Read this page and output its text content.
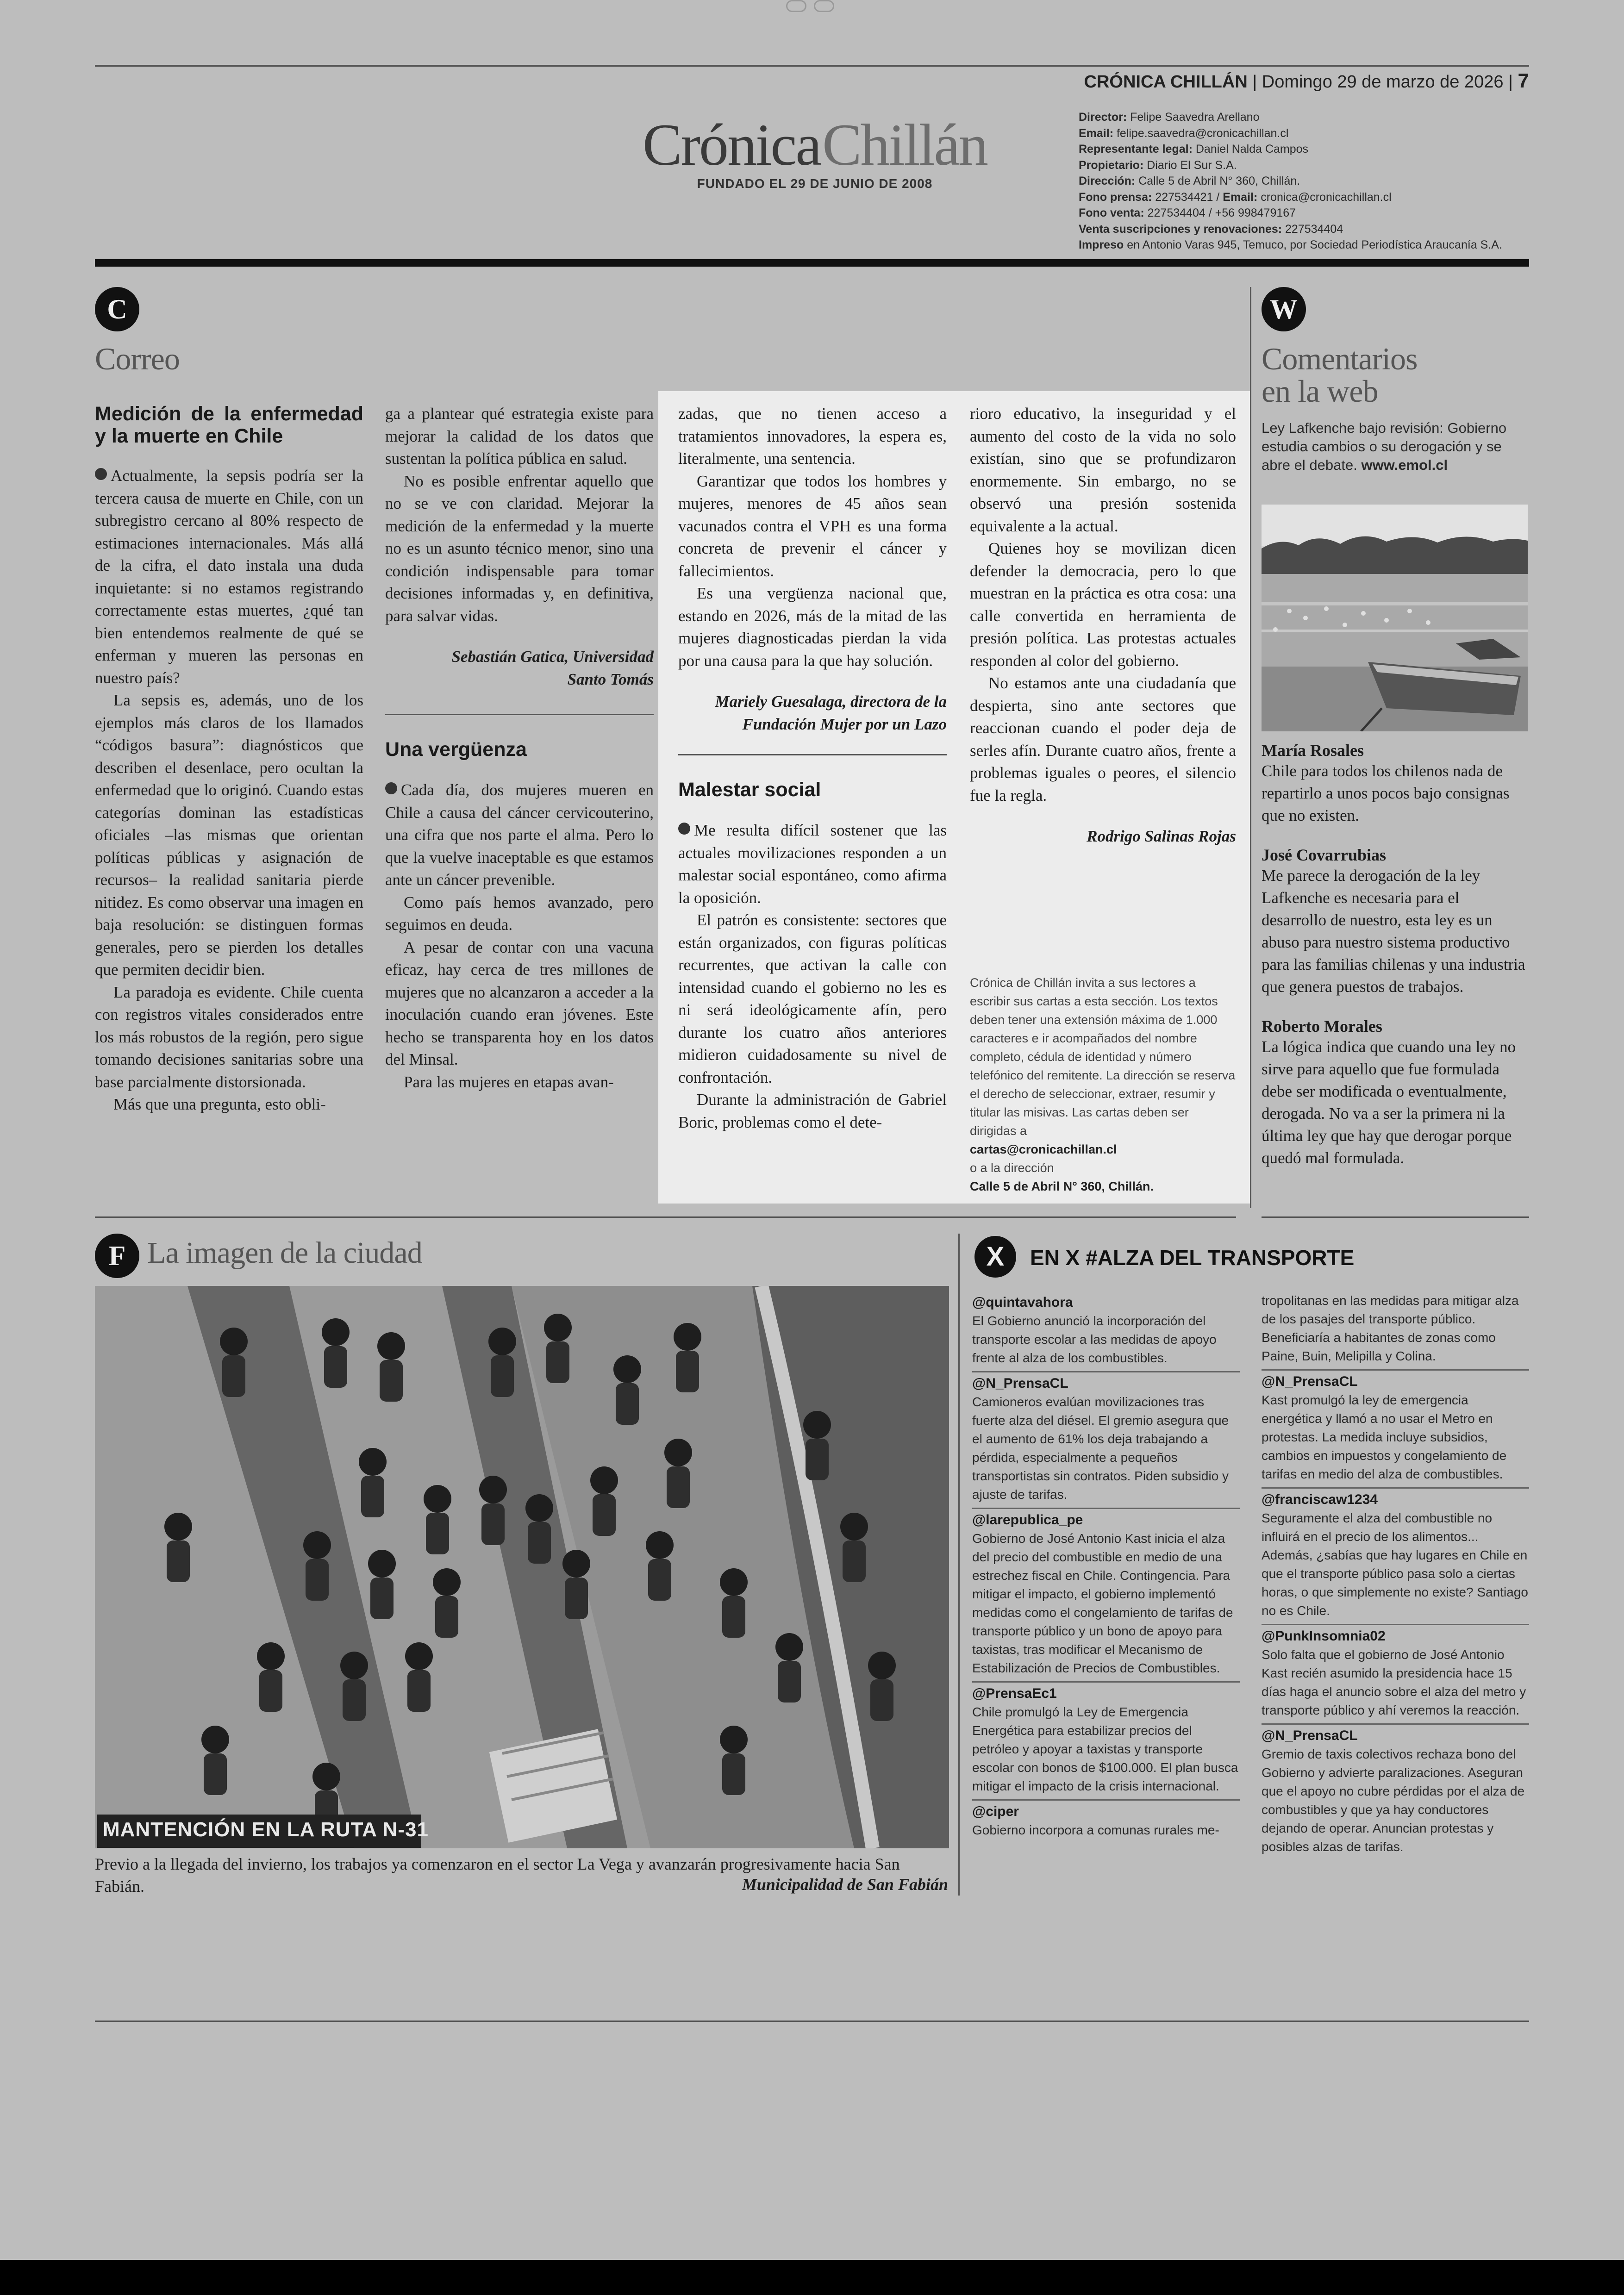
CRÓNICA CHILLÁN | Domingo 29 de marzo de 2026 | 7
Crónica Chillán
FUNDADO EL 29 DE JUNIO DE 2008
Director: Felipe Saavedra Arellano
Email: felipe.saavedra@cronicachillan.cl
Representante legal: Daniel Nalda Campos
Propietario: Diario El Sur S.A.
Dirección: Calle 5 de Abril N° 360, Chillán.
Fono prensa: 227534421 / Email: cronica@cronicachillan.cl
Fono venta: 227534404 / +56 998479167
Venta suscripciones y renovaciones: 227534404
Impreso en Antonio Varas 945, Temuco, por Sociedad Periodística Araucanía S.A.
C
Correo
Medición de la enfermedad y la muerte en Chile

Actualmente, la sepsis podría ser la tercera causa de muerte en Chile, con un subregistro cercano al 80% respecto de estimaciones internacionales. Más allá de la cifra, el dato instala una duda inquietante: si no estamos registrando correctamente estas muertes, ¿qué tan bien entendemos realmente de qué se enferman y mueren las personas en nuestro país?

La sepsis es, además, uno de los ejemplos más claros de los llamados “códigos basura”: diagnósticos que describen el desenlace, pero ocultan la enfermedad que lo originó. Cuando estas categorías dominan las estadísticas oficiales –las mismas que orientan políticas públicas y asignación de recursos– la realidad sanitaria pierde nitidez. Es como observar una imagen en baja resolución: se distinguen formas generales, pero se pierden los detalles que permiten decidir bien.

La paradoja es evidente. Chile cuenta con registros vitales considerados entre los más robustos de la región, pero sigue tomando decisiones sanitarias sobre una base parcialmente distorsionada.

Más que una pregunta, esto obli-

ga a plantear qué estrategia existe para mejorar la calidad de los datos que sustentan la política pública en salud.

No es posible enfrentar aquello que no se ve con claridad. Mejorar la medición de la enfermedad y la muerte no es un asunto técnico menor, sino una condición indispensable para tomar decisiones informadas y, en definitiva, para salvar vidas.

Sebastián Gatica, Universidad Santo Tomás
Una vergüenza

Cada día, dos mujeres mueren en Chile a causa del cáncer cervicouterino, una cifra que nos parte el alma. Pero lo que la vuelve inaceptable es que estamos ante un cáncer prevenible.

Como país hemos avanzado, pero seguimos en deuda.

A pesar de contar con una vacuna eficaz, hay cerca de tres millones de mujeres que no alcanzaron a acceder a la inoculación cuando eran jóvenes. Este hecho se transparenta hoy en los datos del Minsal.

Para las mujeres en etapas avan-

zadas, que no tienen acceso a tratamientos innovadores, la espera es, literalmente, una sentencia.

Garantizar que todos los hombres y mujeres, menores de 45 años sean vacunados contra el VPH es una forma concreta de prevenir el cáncer y fallecimientos.

Es una vergüenza nacional que, estando en 2026, más de la mitad de las mujeres diagnosticadas pierdan la vida por una causa para la que hay solución.

Mariely Guesalaga, directora de la Fundación Mujer por un Lazo
Malestar social

Me resulta difícil sostener que las actuales movilizaciones responden a un malestar social espontáneo, como afirma la oposición.

El patrón es consistente: sectores que están organizados, con figuras políticas recurrentes, que activan la calle con intensidad cuando el gobierno no les es ni será ideológicamente afín, pero durante los cuatro años anteriores midieron cuidadosamente su nivel de confrontación.

Durante la administración de Gabriel Boric, problemas como el dete-

rioro educativo, la inseguridad y el aumento del costo de la vida no solo existían, sino que se profundizaron enormemente. Sin embargo, no se observó una presión sostenida equivalente a la actual.

Quienes hoy se movilizan dicen defender la democracia, pero lo que muestran en la práctica es otra cosa: una calle convertida en herramienta de presión política. Las protestas actuales responden al color del gobierno.

No estamos ante una ciudadanía que despierta, sino ante sectores que reaccionan cuando el poder deja de serles afín. Durante cuatro años, frente a problemas iguales o peores, el silencio fue la regla.

Rodrigo Salinas Rojas
Crónica de Chillán invita a sus lectores a escribir sus cartas a esta sección. Los textos deben tener una extensión máxima de 1.000 caracteres e ir acompañados del nombre completo, cédula de identidad y número telefónico del remitente. La dirección se reserva el derecho de seleccionar, extraer, resumir y titular las misivas. Las cartas deben ser dirigidas a
cartas@cronicachillan.cl
o a la dirección
Calle 5 de Abril N° 360, Chillán.
W
Comentarios
en la web
Ley Lafkenche bajo revisión: Gobierno estudia cambios o su derogación y se abre el debate. www.emol.cl
María Rosales
Chile para todos los chilenos nada de repartirlo a unos pocos bajo consignas que no existen.
José Covarrubias
Me parece la derogación de la ley Lafkenche es necesaria para el desarrollo de nuestro, esta ley es un abuso para nuestro sistema productivo para las familias chilenas y una industria que genera puestos de trabajos.
Roberto Morales
La lógica indica que cuando una ley no sirve para aquello que fue formulada debe ser modificada o eventualmente, derogada. No va a ser la primera ni la última ley que hay que derogar porque quedó mal formulada.
F La imagen de la ciudad
MANTENCIÓN EN LA RUTA N-31
Previo a la llegada del invierno, los trabajos ya comenzaron en el sector La Vega y avanzarán progresivamente hacia San Fabián.	Municipalidad de San Fabián
X	EN X #ALZA DEL TRANSPORTE
@quintavahora
El Gobierno anunció la incorporación del transporte escolar a las medidas de apoyo frente al alza de los combustibles.
@N_PrensaCL
Camioneros evalúan movilizaciones tras fuerte alza del diésel. El gremio asegura que el aumento de 61% los deja trabajando a pérdida, especialmente a pequeños transportistas sin contratos. Piden subsidio y ajuste de tarifas.
@larepublica_pe
Gobierno de José Antonio Kast inicia el alza del precio del combustible en medio de una estrechez fiscal en Chile. Contingencia. Para mitigar el impacto, el gobierno implementó medidas como el congelamiento de tarifas de transporte público y un bono de apoyo para taxistas, tras modificar el Mecanismo de Estabilización de Precios de Combustibles.
@PrensaEc1
Chile promulgó la Ley de Emergencia Energética para estabilizar precios del petróleo y apoyar a taxistas y transporte escolar con bonos de $100.000. El plan busca mitigar el impacto de la crisis internacional.
@ciper
Gobierno incorpora a comunas rurales me-
tropolitanas en las medidas para mitigar alza de los pasajes del transporte público. Beneficiaría a habitantes de zonas como Paine, Buin, Melipilla y Colina.
@N_PrensaCL
Kast promulgó la ley de emergencia energética y llamó a no usar el Metro en protestas. La medida incluye subsidios, cambios en impuestos y congelamiento de tarifas en medio del alza de combustibles.
@franciscaw1234
Seguramente el alza del combustible no influirá en el precio de los alimentos... Además, ¿sabías que hay lugares en Chile en que el transporte público pasa solo a ciertas horas, o que simplemente no existe? Santiago no es Chile.
@PunkInsomnia02
Solo falta que el gobierno de José Antonio Kast recién asumido la presidencia hace 15 días haga el anuncio sobre el alza del metro y transporte público y ahí veremos la reacción.
@N_PrensaCL
Gremio de taxis colectivos rechaza bono del Gobierno y advierte paralizaciones. Aseguran que el apoyo no cubre pérdidas por el alza de combustibles y que ya hay conductores dejando de operar. Anuncian protestas y posibles alzas de tarifas.
